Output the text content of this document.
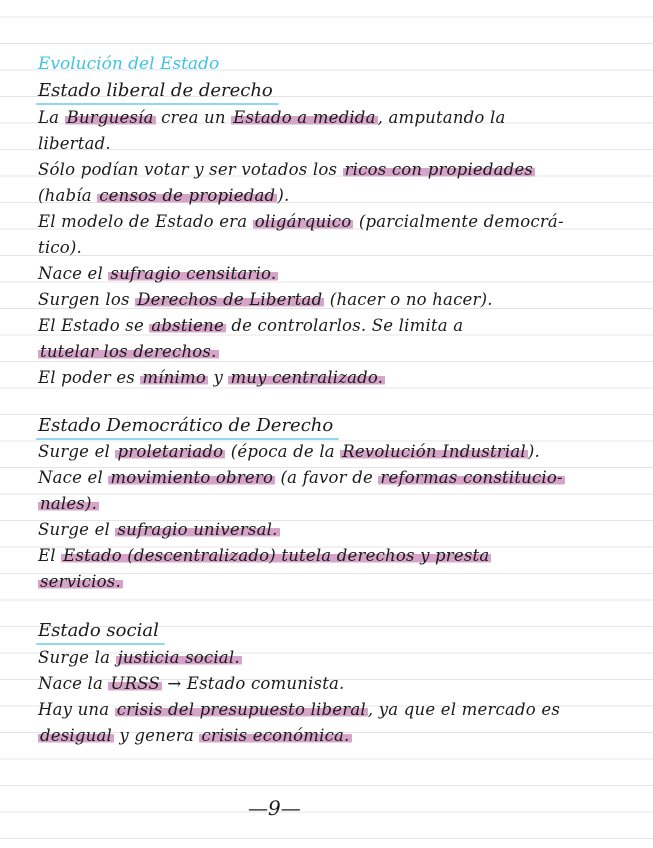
Evolución del Estado
Estado liberal de derecho
La Burguesía crea un Estado a medida , amputando la
libertad.
Sólo podían votar y ser votados los ricos con propiedades
(había censos de propiedad ).
El modelo de Estado era oligárquico (parcialmente democrá-
tico).
Nace el sufragio censitario.
Surgen los Derechos de Libertad (hacer o no hacer).
El Estado se abstiene de controlarlos. Se limita a
tutelar los derechos.
El poder es mínimo y muy centralizado.
Estado Democrático de Derecho
Surge el proletariado (época de la Revolución Industrial ).
Nace el movimiento obrero (a favor de reformas constitucio-
nales).
Surge el sufragio universal.
El Estado (descentralizado) tutela derechos y presta
servicios.
Estado social
Surge la justicia social.
Nace la URSS → Estado comunista.
Hay una crisis del presupuesto liberal , ya que el mercado es
desigual y genera crisis económica.
—9—
